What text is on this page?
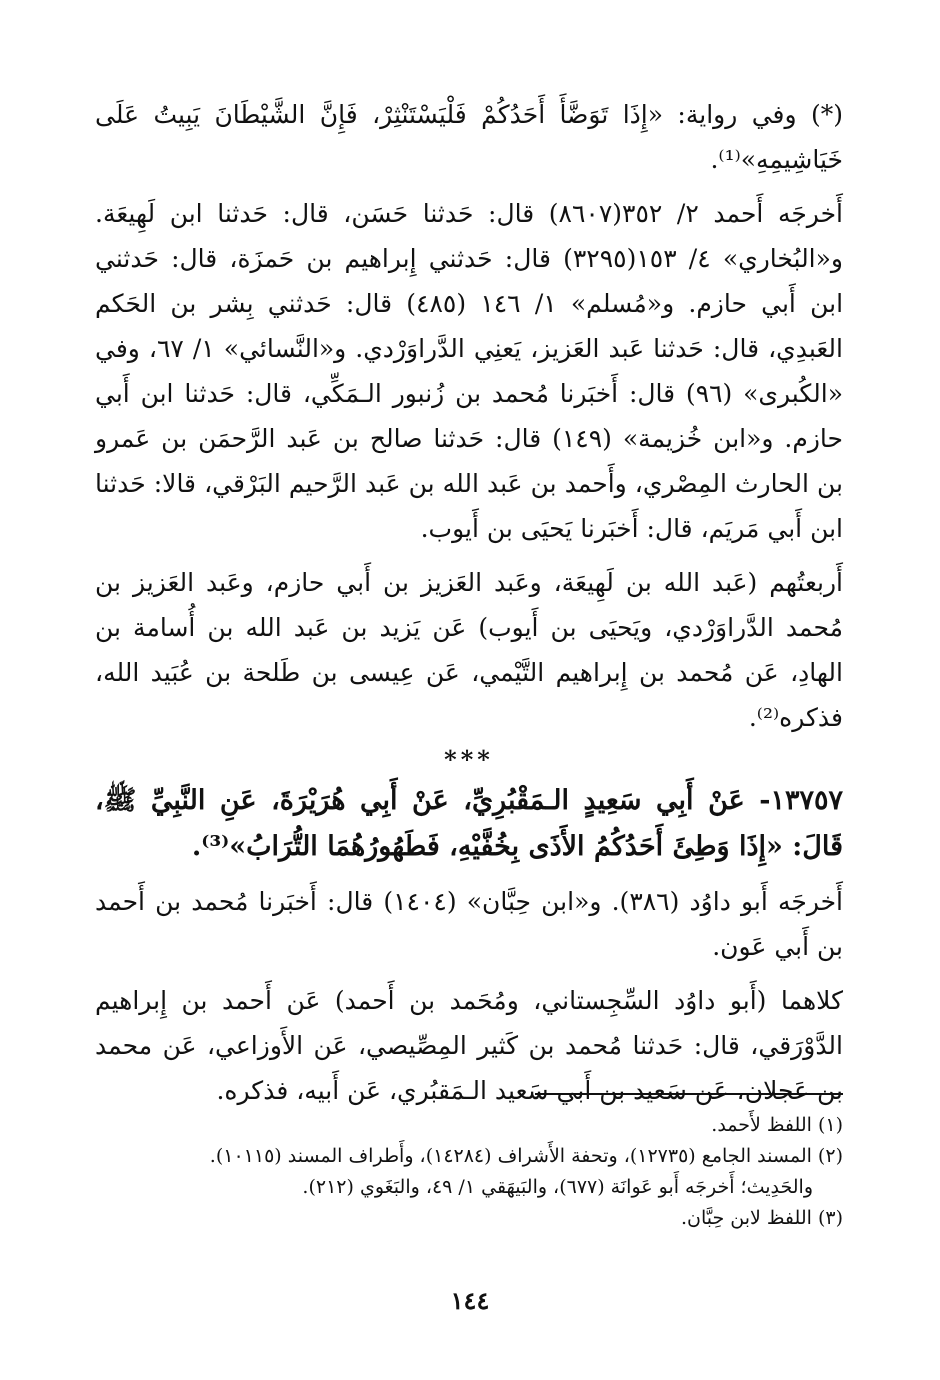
(*) وفي رواية: «إِذَا تَوَضَّأَ أَحَدُكُمْ فَلْيَسْتَنْثِرْ، فَإِنَّ الشَّيْطَانَ يَبِيتُ عَلَى خَيَاشِيمِهِ»⁽¹⁾.

أَخرجَه أَحمد ٢/ ٣٥٢(٨٦٠٧) قال: حَدثنا حَسَن، قال: حَدثنا ابن لَهِيعَة. و«البُخاري» ٤/ ١٥٣(٣٢٩٥) قال: حَدثني إِبراهيم بن حَمزَة، قال: حَدثني ابن أَبي حازم. و«مُسلم» ١/ ١٤٦ (٤٨٥) قال: حَدثني بِشر بن الحَكم العَبدِي، قال: حَدثنا عَبد العَزيز، يَعنِي الدَّراوَرْدي. و«النَّسائي» ١/ ٦٧، وفي «الكُبرى» (٩٦) قال: أَخبَرنا مُحمد بن زُنبور الـمَكِّي، قال: حَدثنا ابن أَبي حازم. و«ابن خُزيمة» (١٤٩) قال: حَدثنا صالح بن عَبد الرَّحمَن بن عَمرو بن الحارث المِصْري، وأَحمد بن عَبد الله بن عَبد الرَّحيم البَرْقي، قالا: حَدثنا ابن أَبي مَريَم، قال: أَخبَرنا يَحيَى بن أَيوب.

أَربعتُهم (عَبد الله بن لَهِيعَة، وعَبد العَزيز بن أَبي حازم، وعَبد العَزيز بن مُحمد الدَّراوَرْدي، ويَحيَى بن أَيوب) عَن يَزيد بن عَبد الله بن أُسامة بن الهادِ، عَن مُحمد بن إِبراهيم التَّيْمي، عَن عِيسى بن طَلحة بن عُبَيد الله، فذكره⁽²⁾.

***

١٣٧٥٧- عَنْ أَبِي سَعِيدٍ الـمَقْبُرِيِّ، عَنْ أَبِي هُرَيْرَةَ، عَنِ النَّبِيِّ ﷺ، قَالَ: «إِذَا وَطِئَ أَحَدُكُمُ الأَذَى بِخُفَّيْهِ، فَطَهُورُهُمَا التُّرَابُ»⁽³⁾.

أَخرجَه أَبو داوُد (٣٨٦). و«ابن حِبَّان» (١٤٠٤) قال: أَخبَرنا مُحمد بن أَحمد بن أَبي عَون.

كلاهما (أَبو داوُد السِّجِستاني، ومُحَمد بن أَحمد) عَن أَحمد بن إِبراهيم الدَّوْرَقي، قال: حَدثنا مُحمد بن كَثير المِصِّيصي، عَن الأَوزاعي، عَن محمد بن عَجلان، عَن سَعيد بن أَبي سَعيد الـمَقبُري، عَن أَبيه، فذكره.

(١) اللفظ لأَحمد.

(٢) المسند الجامع (١٢٧٣٥)، وتحفة الأَشراف (١٤٢٨٤)، وأَطراف المسند (١٠١١٥).

والحَدِيث؛ أَخرجَه أَبو عَوانَة (٦٧٧)، والبَيهَقي ١/ ٤٩، والبَغَوي (٢١٢).

(٣) اللفظ لابن حِبَّان.

١٤٤
